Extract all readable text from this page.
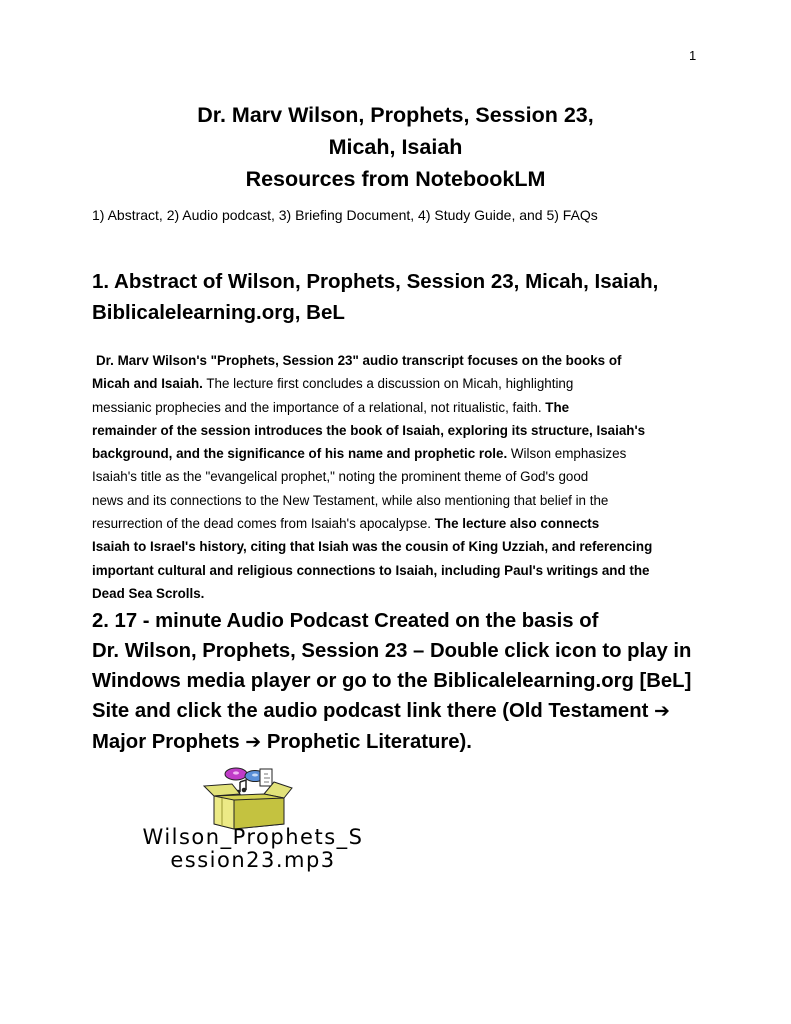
1
Dr. Marv Wilson, Prophets, Session 23,
Micah, Isaiah
Resources from NotebookLM
1) Abstract, 2) Audio podcast, 3) Briefing Document, 4) Study Guide, and 5) FAQs
1. Abstract of Wilson, Prophets, Session 23, Micah, Isaiah,
Biblicalelearning.org, BeL
Dr. Marv Wilson's "Prophets, Session 23" audio transcript focuses on the books of
Micah and Isaiah. The lecture first concludes a discussion on Micah, highlighting
messianic prophecies and the importance of a relational, not ritualistic, faith. The
remainder of the session introduces the book of Isaiah, exploring its structure, Isaiah's
background, and the significance of his name and prophetic role. Wilson emphasizes
Isaiah's title as the "evangelical prophet," noting the prominent theme of God's good
news and its connections to the New Testament, while also mentioning that belief in the
resurrection of the dead comes from Isaiah's apocalypse. The lecture also connects
Isaiah to Israel's history, citing that Isiah was the cousin of King Uzziah, and referencing
important cultural and religious connections to Isaiah, including Paul's writings and the
Dead Sea Scrolls.
2. 17 - minute Audio Podcast Created on the basis of
Dr. Wilson, Prophets, Session 23 – Double click icon to play in
Windows media player or go to the Biblicalelearning.org [BeL]
Site and click the audio podcast link there (Old Testament ➔
Major Prophets ➔ Prophetic Literature).
Wilson_Prophets_S
ession23.mp3
